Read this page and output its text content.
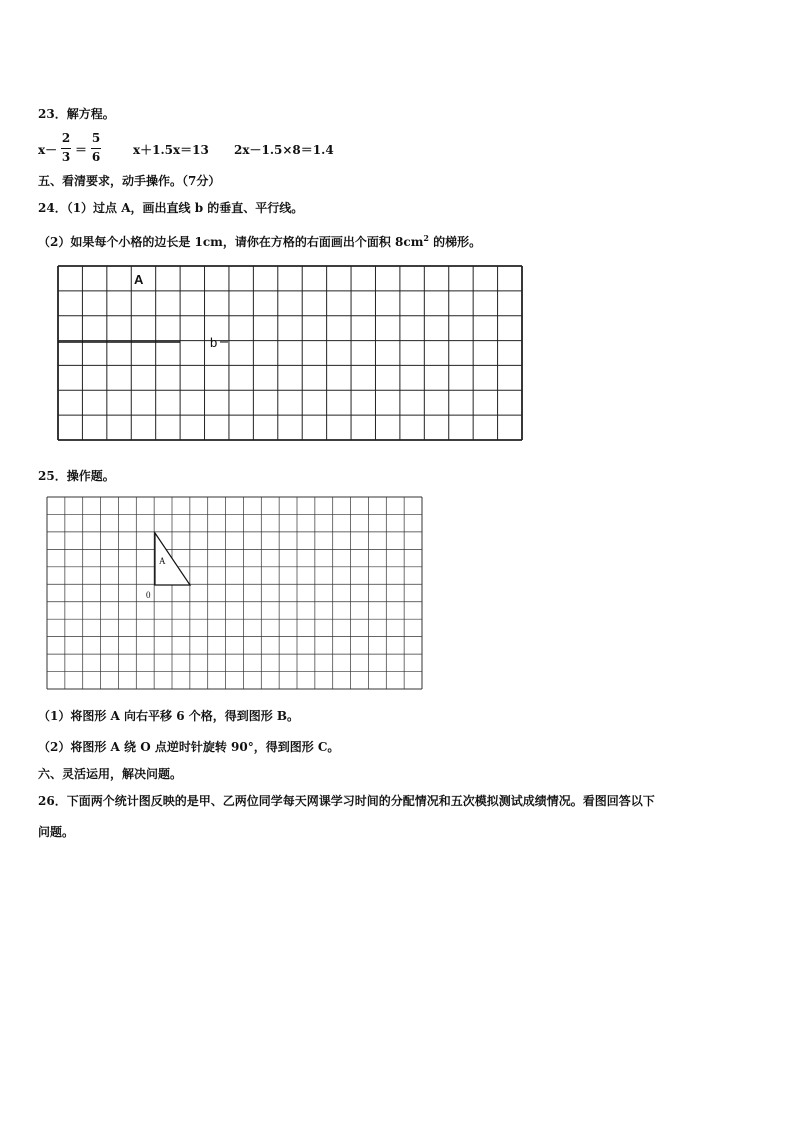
23．解方程。
x－
2
3 ＝
5
6	x＋1.5x＝13 2x－1.5×8＝1.4
五、看清要求，动手操作。（7分）
24．（1）过点 A，画出直线 b 的垂直、平行线。
（2）如果每个小格的边长是 1cm，请你在方格的右面画出个面积 $8cm^2$ 的梯形。
A
b
A
0
25．操作题。
（1）将图形 A 向右平移 6 个格，得到图形 B。
（2）将图形 A 绕 O 点逆时针旋转 90°，得到图形 C。
六、灵活运用，解决问题。
26．下面两个统计图反映的是甲、乙两位同学每天网课学习时间的分配情况和五次模拟测试成绩情况。看图回答以下
问题。
